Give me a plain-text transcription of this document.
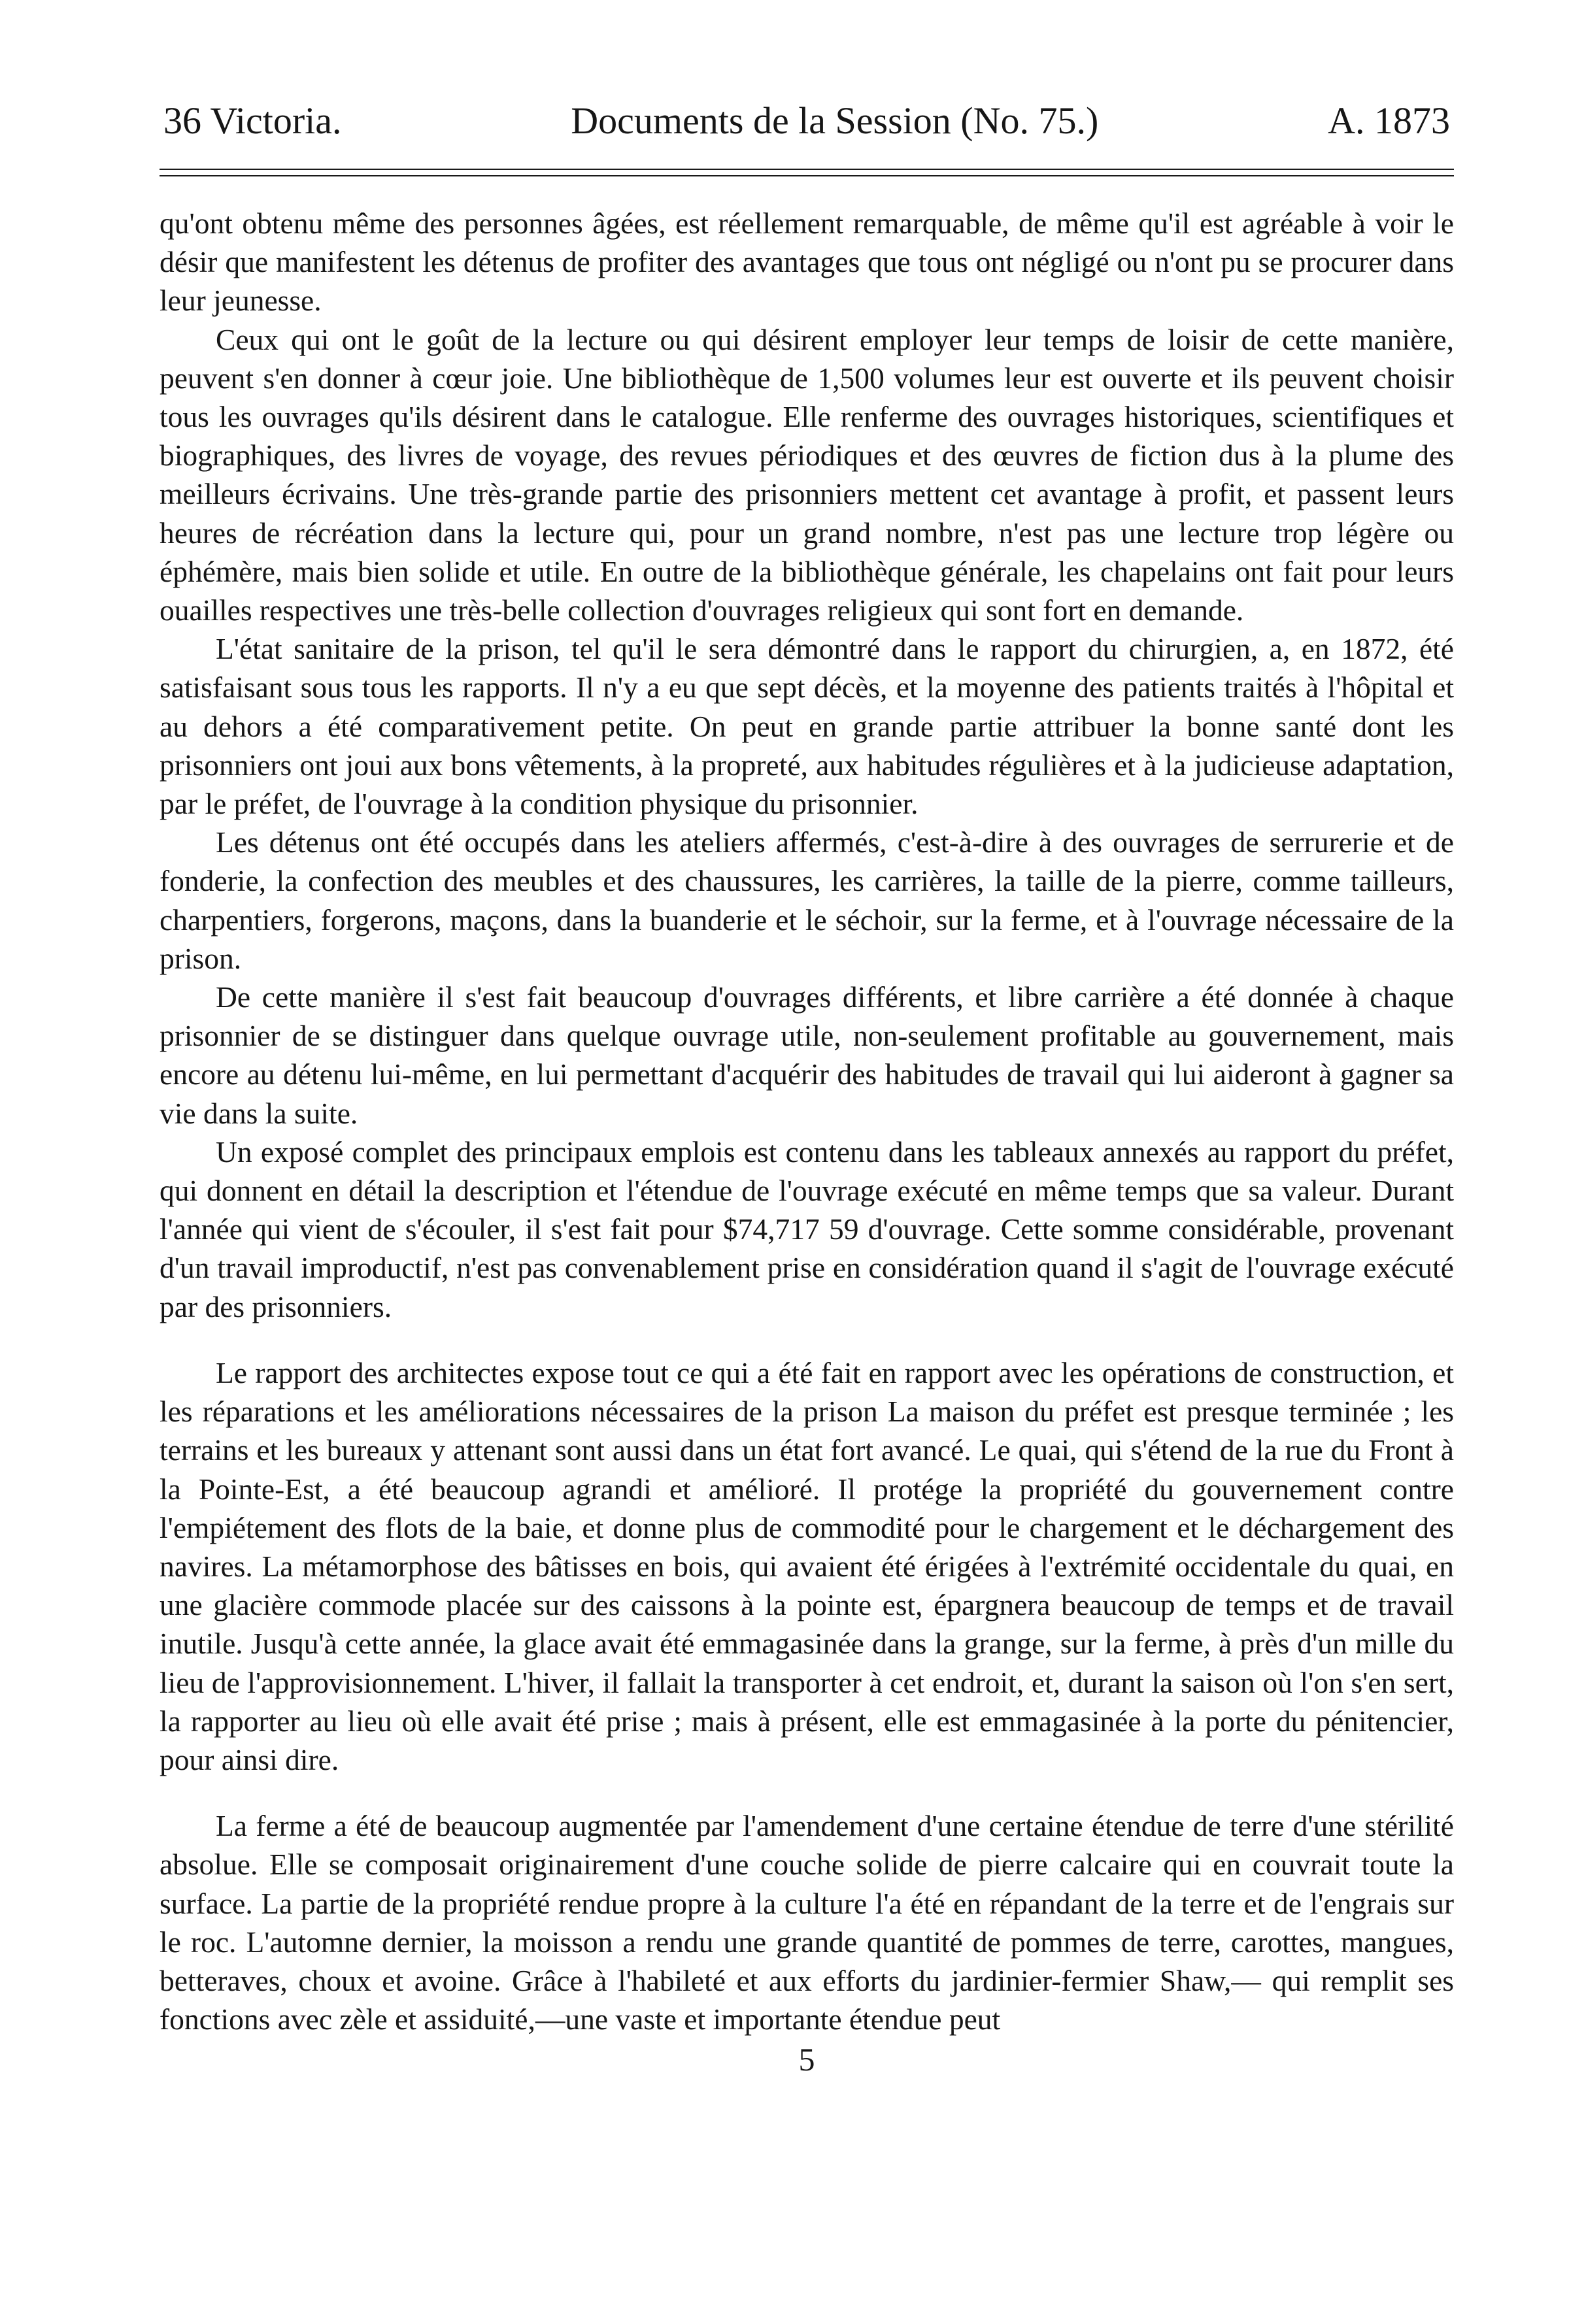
36 Victoria.	Documents de la Session (No. 75.)	A. 1873

qu'ont obtenu même des personnes âgées, est réellement remarquable, de même qu'il est agréable à voir le désir que manifestent les détenus de profiter des avantages que tous ont négligé ou n'ont pu se procurer dans leur jeunesse.

Ceux qui ont le goût de la lecture ou qui désirent employer leur temps de loisir de cette manière, peuvent s'en donner à cœur joie. Une bibliothèque de 1,500 volumes leur est ouverte et ils peuvent choisir tous les ouvrages qu'ils désirent dans le catalogue. Elle renferme des ouvrages historiques, scientifiques et biographiques, des livres de voyage, des revues périodiques et des œuvres de fiction dus à la plume des meilleurs écrivains. Une très-grande partie des prisonniers mettent cet avantage à profit, et passent leurs heures de récréation dans la lecture qui, pour un grand nombre, n'est pas une lecture trop légère ou éphémère, mais bien solide et utile. En outre de la bibliothèque générale, les chapelains ont fait pour leurs ouailles respectives une très-belle collection d'ouvrages religieux qui sont fort en demande.

L'état sanitaire de la prison, tel qu'il le sera démontré dans le rapport du chirurgien, a, en 1872, été satisfaisant sous tous les rapports. Il n'y a eu que sept décès, et la moyenne des patients traités à l'hôpital et au dehors a été comparativement petite. On peut en grande partie attribuer la bonne santé dont les prisonniers ont joui aux bons vêtements, à la propreté, aux habitudes régulières et à la judicieuse adaptation, par le préfet, de l'ouvrage à la condition physique du prisonnier.

Les détenus ont été occupés dans les ateliers affermés, c'est-à-dire à des ouvrages de serrurerie et de fonderie, la confection des meubles et des chaussures, les carrières, la taille de la pierre, comme tailleurs, charpentiers, forgerons, maçons, dans la buanderie et le séchoir, sur la ferme, et à l'ouvrage nécessaire de la prison.

De cette manière il s'est fait beaucoup d'ouvrages différents, et libre carrière a été donnée à chaque prisonnier de se distinguer dans quelque ouvrage utile, non-seulement profitable au gouvernement, mais encore au détenu lui-même, en lui permettant d'acquérir des habitudes de travail qui lui aideront à gagner sa vie dans la suite.

Un exposé complet des principaux emplois est contenu dans les tableaux annexés au rapport du préfet, qui donnent en détail la description et l'étendue de l'ouvrage exécuté en même temps que sa valeur. Durant l'année qui vient de s'écouler, il s'est fait pour $74,717 59 d'ouvrage. Cette somme considérable, provenant d'un travail improductif, n'est pas convenablement prise en considération quand il s'agit de l'ouvrage exécuté par des prisonniers.

Le rapport des architectes expose tout ce qui a été fait en rapport avec les opérations de construction, et les réparations et les améliorations nécessaires de la prison La maison du préfet est presque terminée ; les terrains et les bureaux y attenant sont aussi dans un état fort avancé. Le quai, qui s'étend de la rue du Front à la Pointe-Est, a été beaucoup agrandi et amélioré. Il protége la propriété du gouvernement contre l'empiétement des flots de la baie, et donne plus de commodité pour le chargement et le déchargement des navires. La métamorphose des bâtisses en bois, qui avaient été érigées à l'extrémité occidentale du quai, en une glacière commode placée sur des caissons à la pointe est, épargnera beaucoup de temps et de travail inutile. Jusqu'à cette année, la glace avait été emmagasinée dans la grange, sur la ferme, à près d'un mille du lieu de l'approvisionnement. L'hiver, il fallait la transporter à cet endroit, et, durant la saison où l'on s'en sert, la rapporter au lieu où elle avait été prise ; mais à présent, elle est emmagasinée à la porte du pénitencier, pour ainsi dire.

La ferme a été de beaucoup augmentée par l'amendement d'une certaine étendue de terre d'une stérilité absolue. Elle se composait originairement d'une couche solide de pierre calcaire qui en couvrait toute la surface. La partie de la propriété rendue propre à la culture l'a été en répandant de la terre et de l'engrais sur le roc. L'automne dernier, la moisson a rendu une grande quantité de pommes de terre, carottes, mangues, betteraves, choux et avoine. Grâce à l'habileté et aux efforts du jardinier-fermier Shaw,— qui remplit ses fonctions avec zèle et assiduité,—une vaste et importante étendue peut

5
